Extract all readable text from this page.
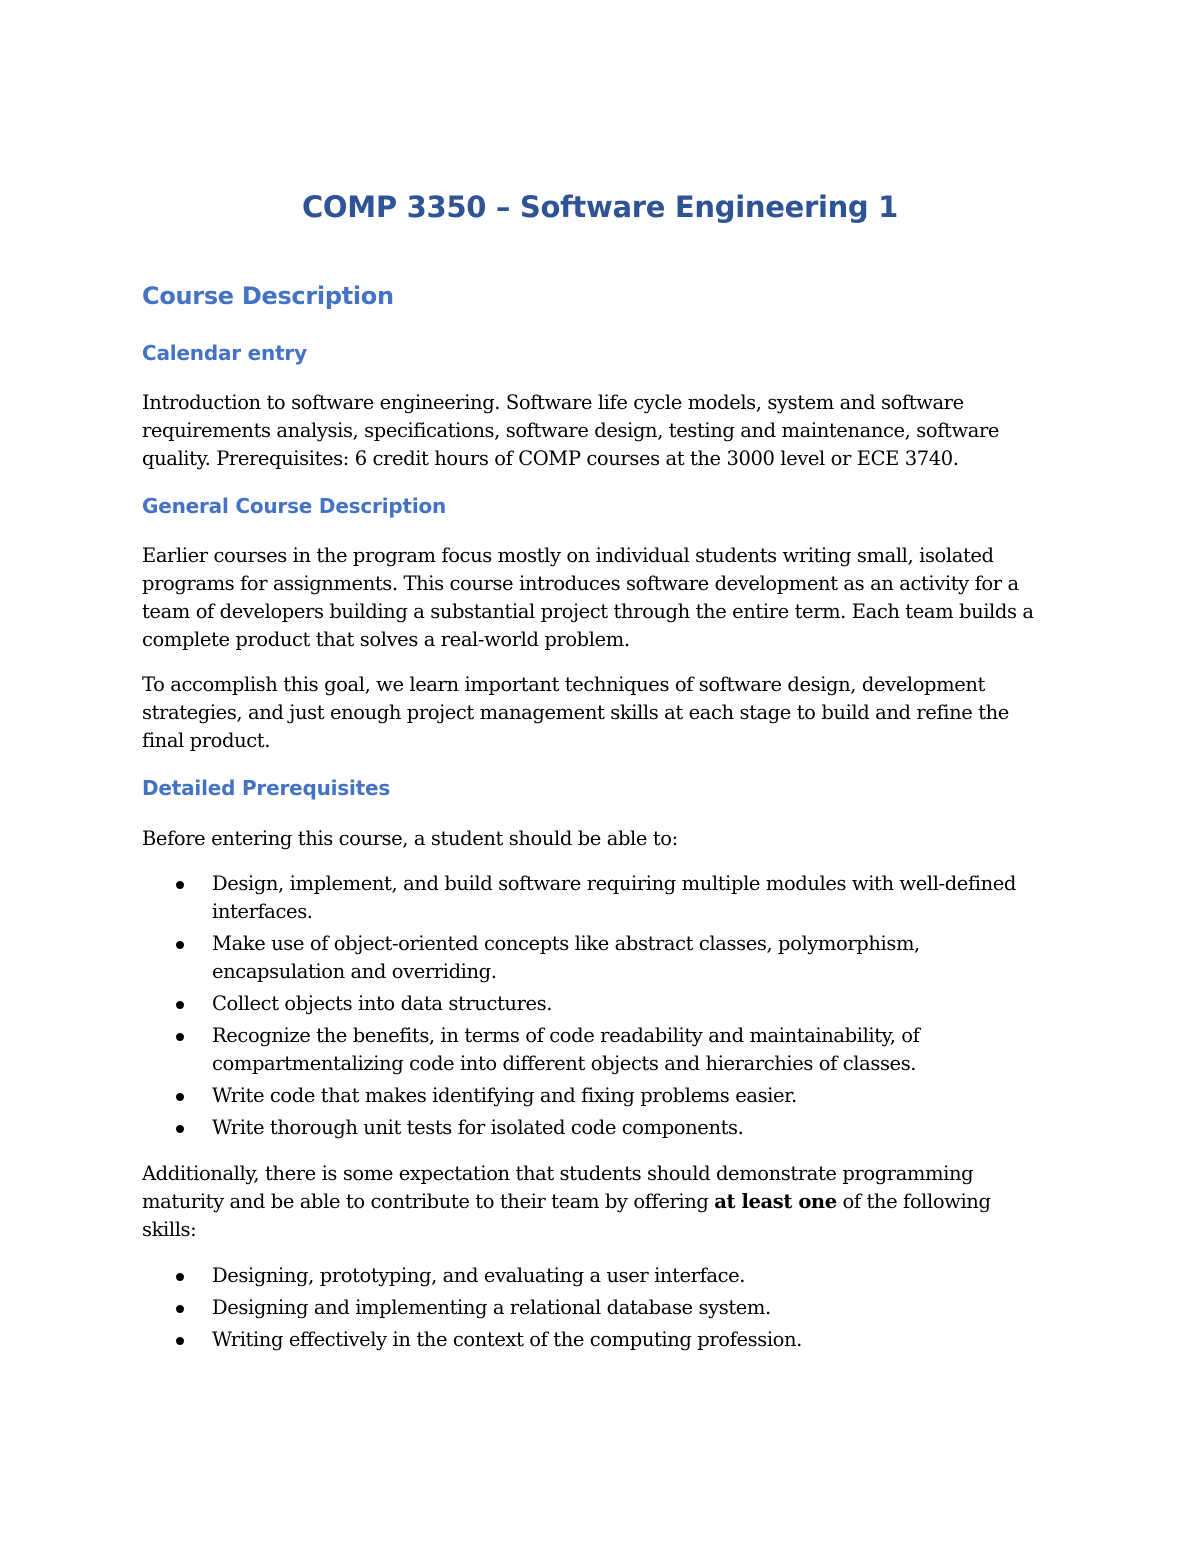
COMP 3350 – Software Engineering 1
Course Description
Calendar entry

Introduction to software engineering. Software life cycle models, system and software requirements analysis, specifications, software design, testing and maintenance, software quality. Prerequisites: 6 credit hours of COMP courses at the 3000 level or ECE 3740.

General Course Description

Earlier courses in the program focus mostly on individual students writing small, isolated programs for assignments. This course introduces software development as an activity for a team of developers building a substantial project through the entire term. Each team builds a complete product that solves a real-world problem.

To accomplish this goal, we learn important techniques of software design, development strategies, and just enough project management skills at each stage to build and refine the final product.

Detailed Prerequisites

Before entering this course, a student should be able to:

Design, implement, and build software requiring multiple modules with well-defined interfaces.
Make use of object-oriented concepts like abstract classes, polymorphism, encapsulation and overriding.
Collect objects into data structures.
Recognize the benefits, in terms of code readability and maintainability, of compartmentalizing code into different objects and hierarchies of classes.
Write code that makes identifying and fixing problems easier.
Write thorough unit tests for isolated code components.

Additionally, there is some expectation that students should demonstrate programming maturity and be able to contribute to their team by offering at least one of the following skills:

Designing, prototyping, and evaluating a user interface.
Designing and implementing a relational database system.
Writing effectively in the context of the computing profession.
